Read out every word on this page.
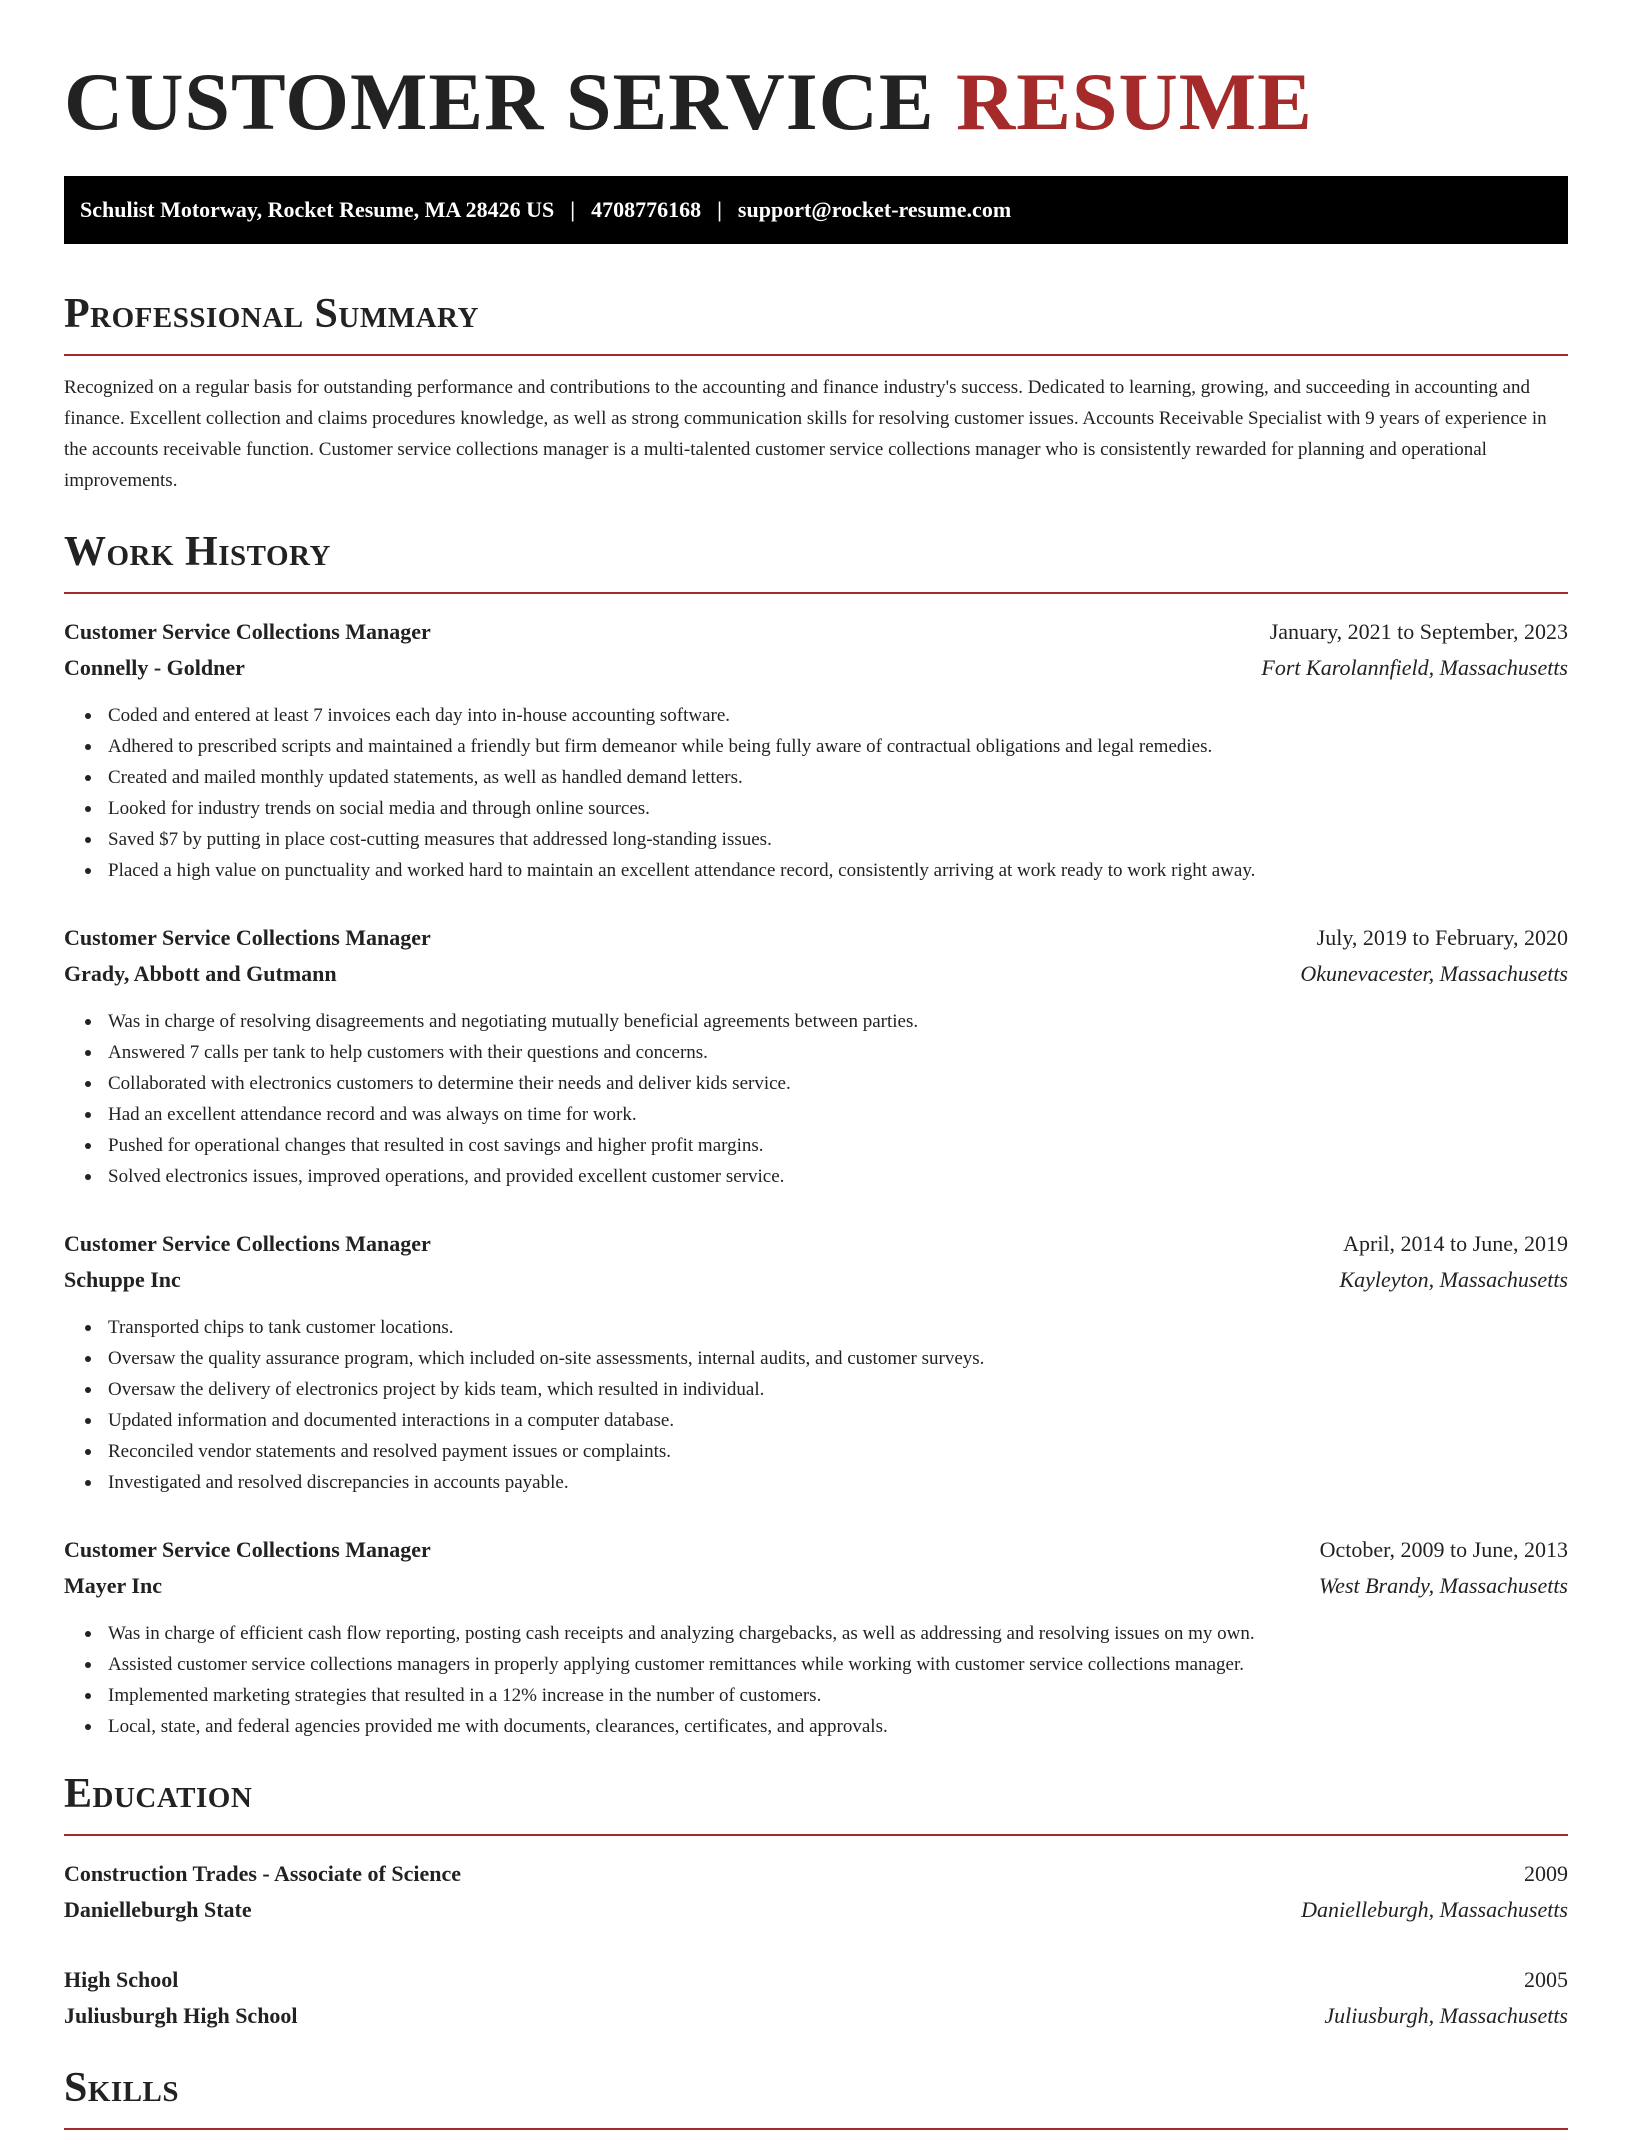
CUSTOMER SERVICE RESUME
Schulist Motorway, Rocket Resume, MA 28426 US | 4708776168 | support@rocket-resume.com
Professional Summary

Recognized on a regular basis for outstanding performance and contributions to the accounting and finance industry's success. Dedicated to learning, growing, and succeeding in accounting and finance. Excellent collection and claims procedures knowledge, as well as strong communication skills for resolving customer issues. Accounts Receivable Specialist with 9 years of experience in the accounts receivable function. Customer service collections manager is a multi-talented customer service collections manager who is consistently rewarded for planning and operational improvements.

Work History
Customer Service Collections Manager	January, 2021 to September, 2023
Connelly - Goldner	Fort Karolannfield, Massachusetts
Coded and entered at least 7 invoices each day into in-house accounting software.
Adhered to prescribed scripts and maintained a friendly but firm demeanor while being fully aware of contractual obligations and legal remedies.
Created and mailed monthly updated statements, as well as handled demand letters.
Looked for industry trends on social media and through online sources.
Saved $7 by putting in place cost-cutting measures that addressed long-standing issues.
Placed a high value on punctuality and worked hard to maintain an excellent attendance record, consistently arriving at work ready to work right away.
Customer Service Collections Manager	July, 2019 to February, 2020
Grady, Abbott and Gutmann	Okunevacester, Massachusetts
Was in charge of resolving disagreements and negotiating mutually beneficial agreements between parties.
Answered 7 calls per tank to help customers with their questions and concerns.
Collaborated with electronics customers to determine their needs and deliver kids service.
Had an excellent attendance record and was always on time for work.
Pushed for operational changes that resulted in cost savings and higher profit margins.
Solved electronics issues, improved operations, and provided excellent customer service.
Customer Service Collections Manager	April, 2014 to June, 2019
Schuppe Inc	Kayleyton, Massachusetts
Transported chips to tank customer locations.
Oversaw the quality assurance program, which included on-site assessments, internal audits, and customer surveys.
Oversaw the delivery of electronics project by kids team, which resulted in individual.
Updated information and documented interactions in a computer database.
Reconciled vendor statements and resolved payment issues or complaints.
Investigated and resolved discrepancies in accounts payable.
Customer Service Collections Manager	October, 2009 to June, 2013
Mayer Inc	West Brandy, Massachusetts
Was in charge of efficient cash flow reporting, posting cash receipts and analyzing chargebacks, as well as addressing and resolving issues on my own.
Assisted customer service collections managers in properly applying customer remittances while working with customer service collections manager.
Implemented marketing strategies that resulted in a 12% increase in the number of customers.
Local, state, and federal agencies provided me with documents, clearances, certificates, and approvals.
Education
Construction Trades - Associate of Science	2009
Danielleburgh State	Danielleburgh, Massachusetts
High School	2005
Juliusburgh High School	Juliusburgh, Massachusetts
Skills
